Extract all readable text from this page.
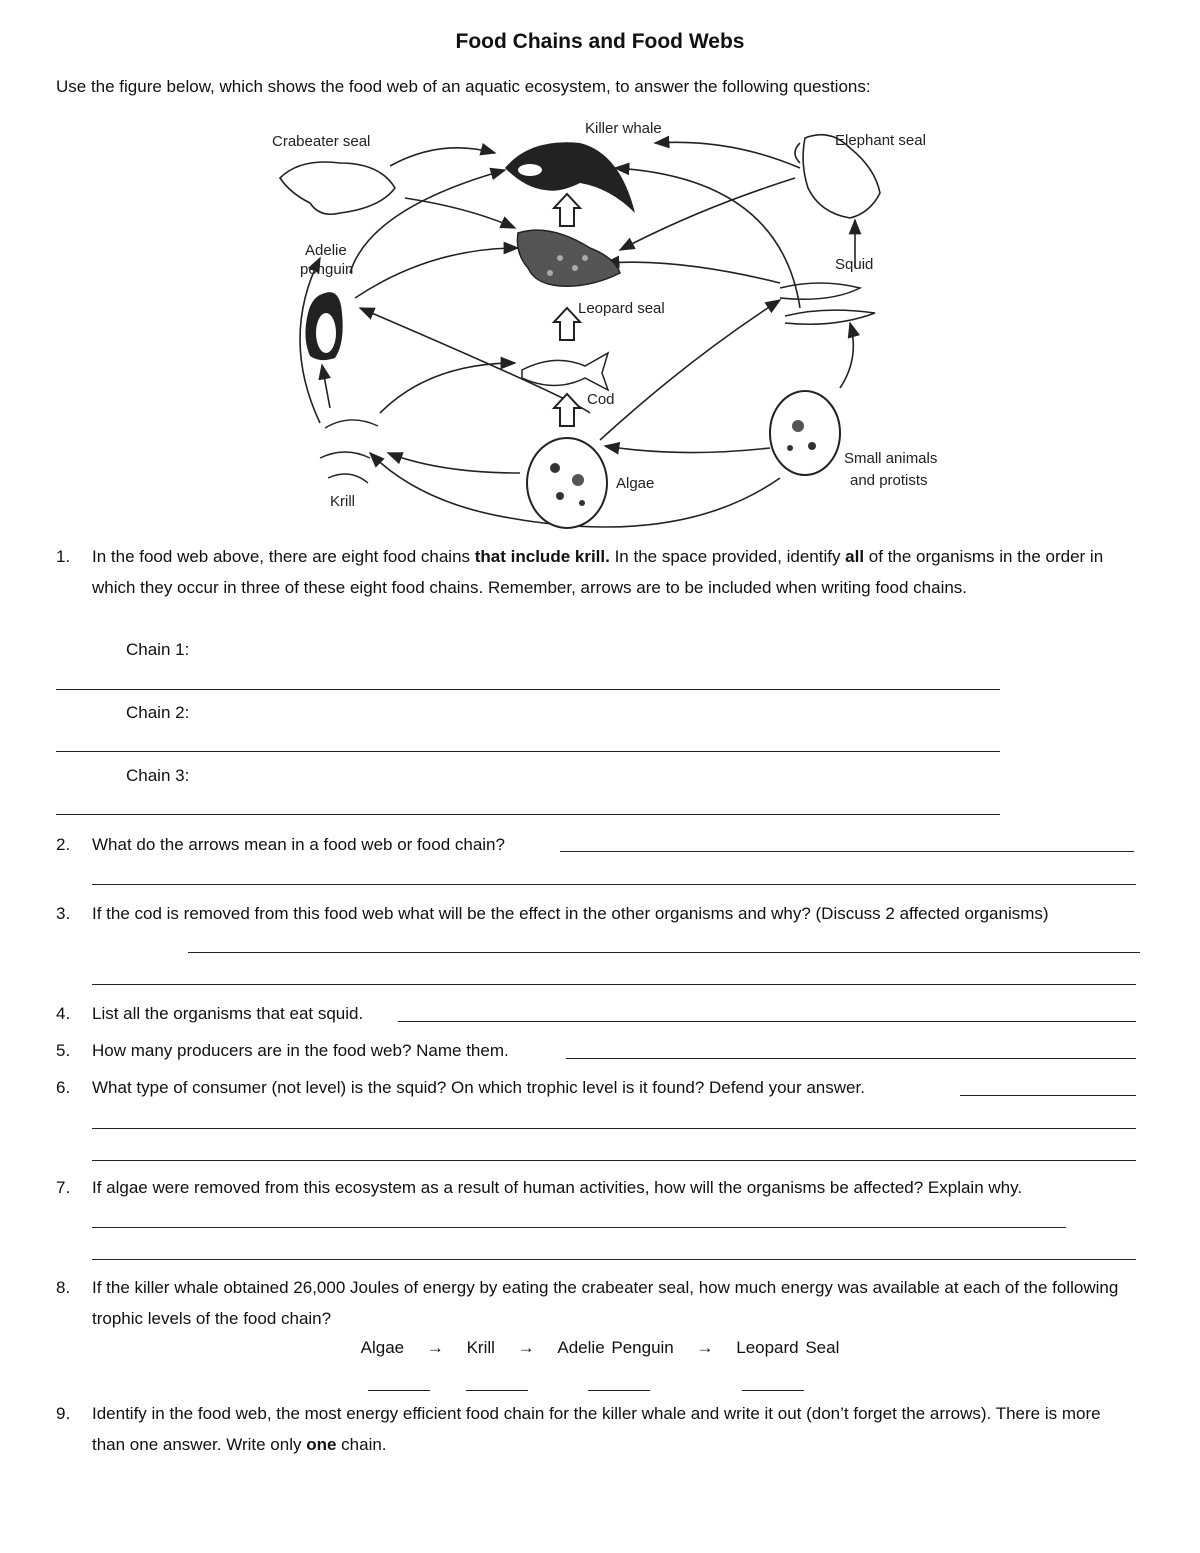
Food Chains and Food Webs
Use the figure below, which shows the food web of an aquatic ecosystem, to answer the following questions:
Crabeater seal
Killer whale
Elephant seal
Adelie
penguin	Squid
Leopard seal
Cod
Algae
Krill
Small animals
and protists
1.	In the food web above, there are eight food chains that include krill. In the space provided, identify all of the organisms in the order in which they occur in three of these eight food chains. Remember, arrows are to be included when writing food chains.
Chain 1:
Chain 2:
Chain 3:
2.	What do the arrows mean in a food web or food chain?
3.	If the cod is removed from this food web what will be the effect in the other organisms and why? (Discuss 2 affected organisms)
4.	List all the organisms that eat squid.
5.	How many producers are in the food web? Name them.
6.	What type of consumer (not level) is the squid? On which trophic level is it found? Defend your answer.
7.	If algae were removed from this ecosystem as a result of human activities, how will the organisms be affected? Explain why.
8.	If the killer whale obtained 26,000 Joules of energy by eating the crabeater seal, how much energy was available at each of the following trophic levels of the food chain?
Algae → Krill → Adelie Penguin → Leopard Seal
9.	Identify in the food web, the most energy efficient food chain for the killer whale and write it out (don’t forget the arrows). There is more than one answer. Write only one chain.
